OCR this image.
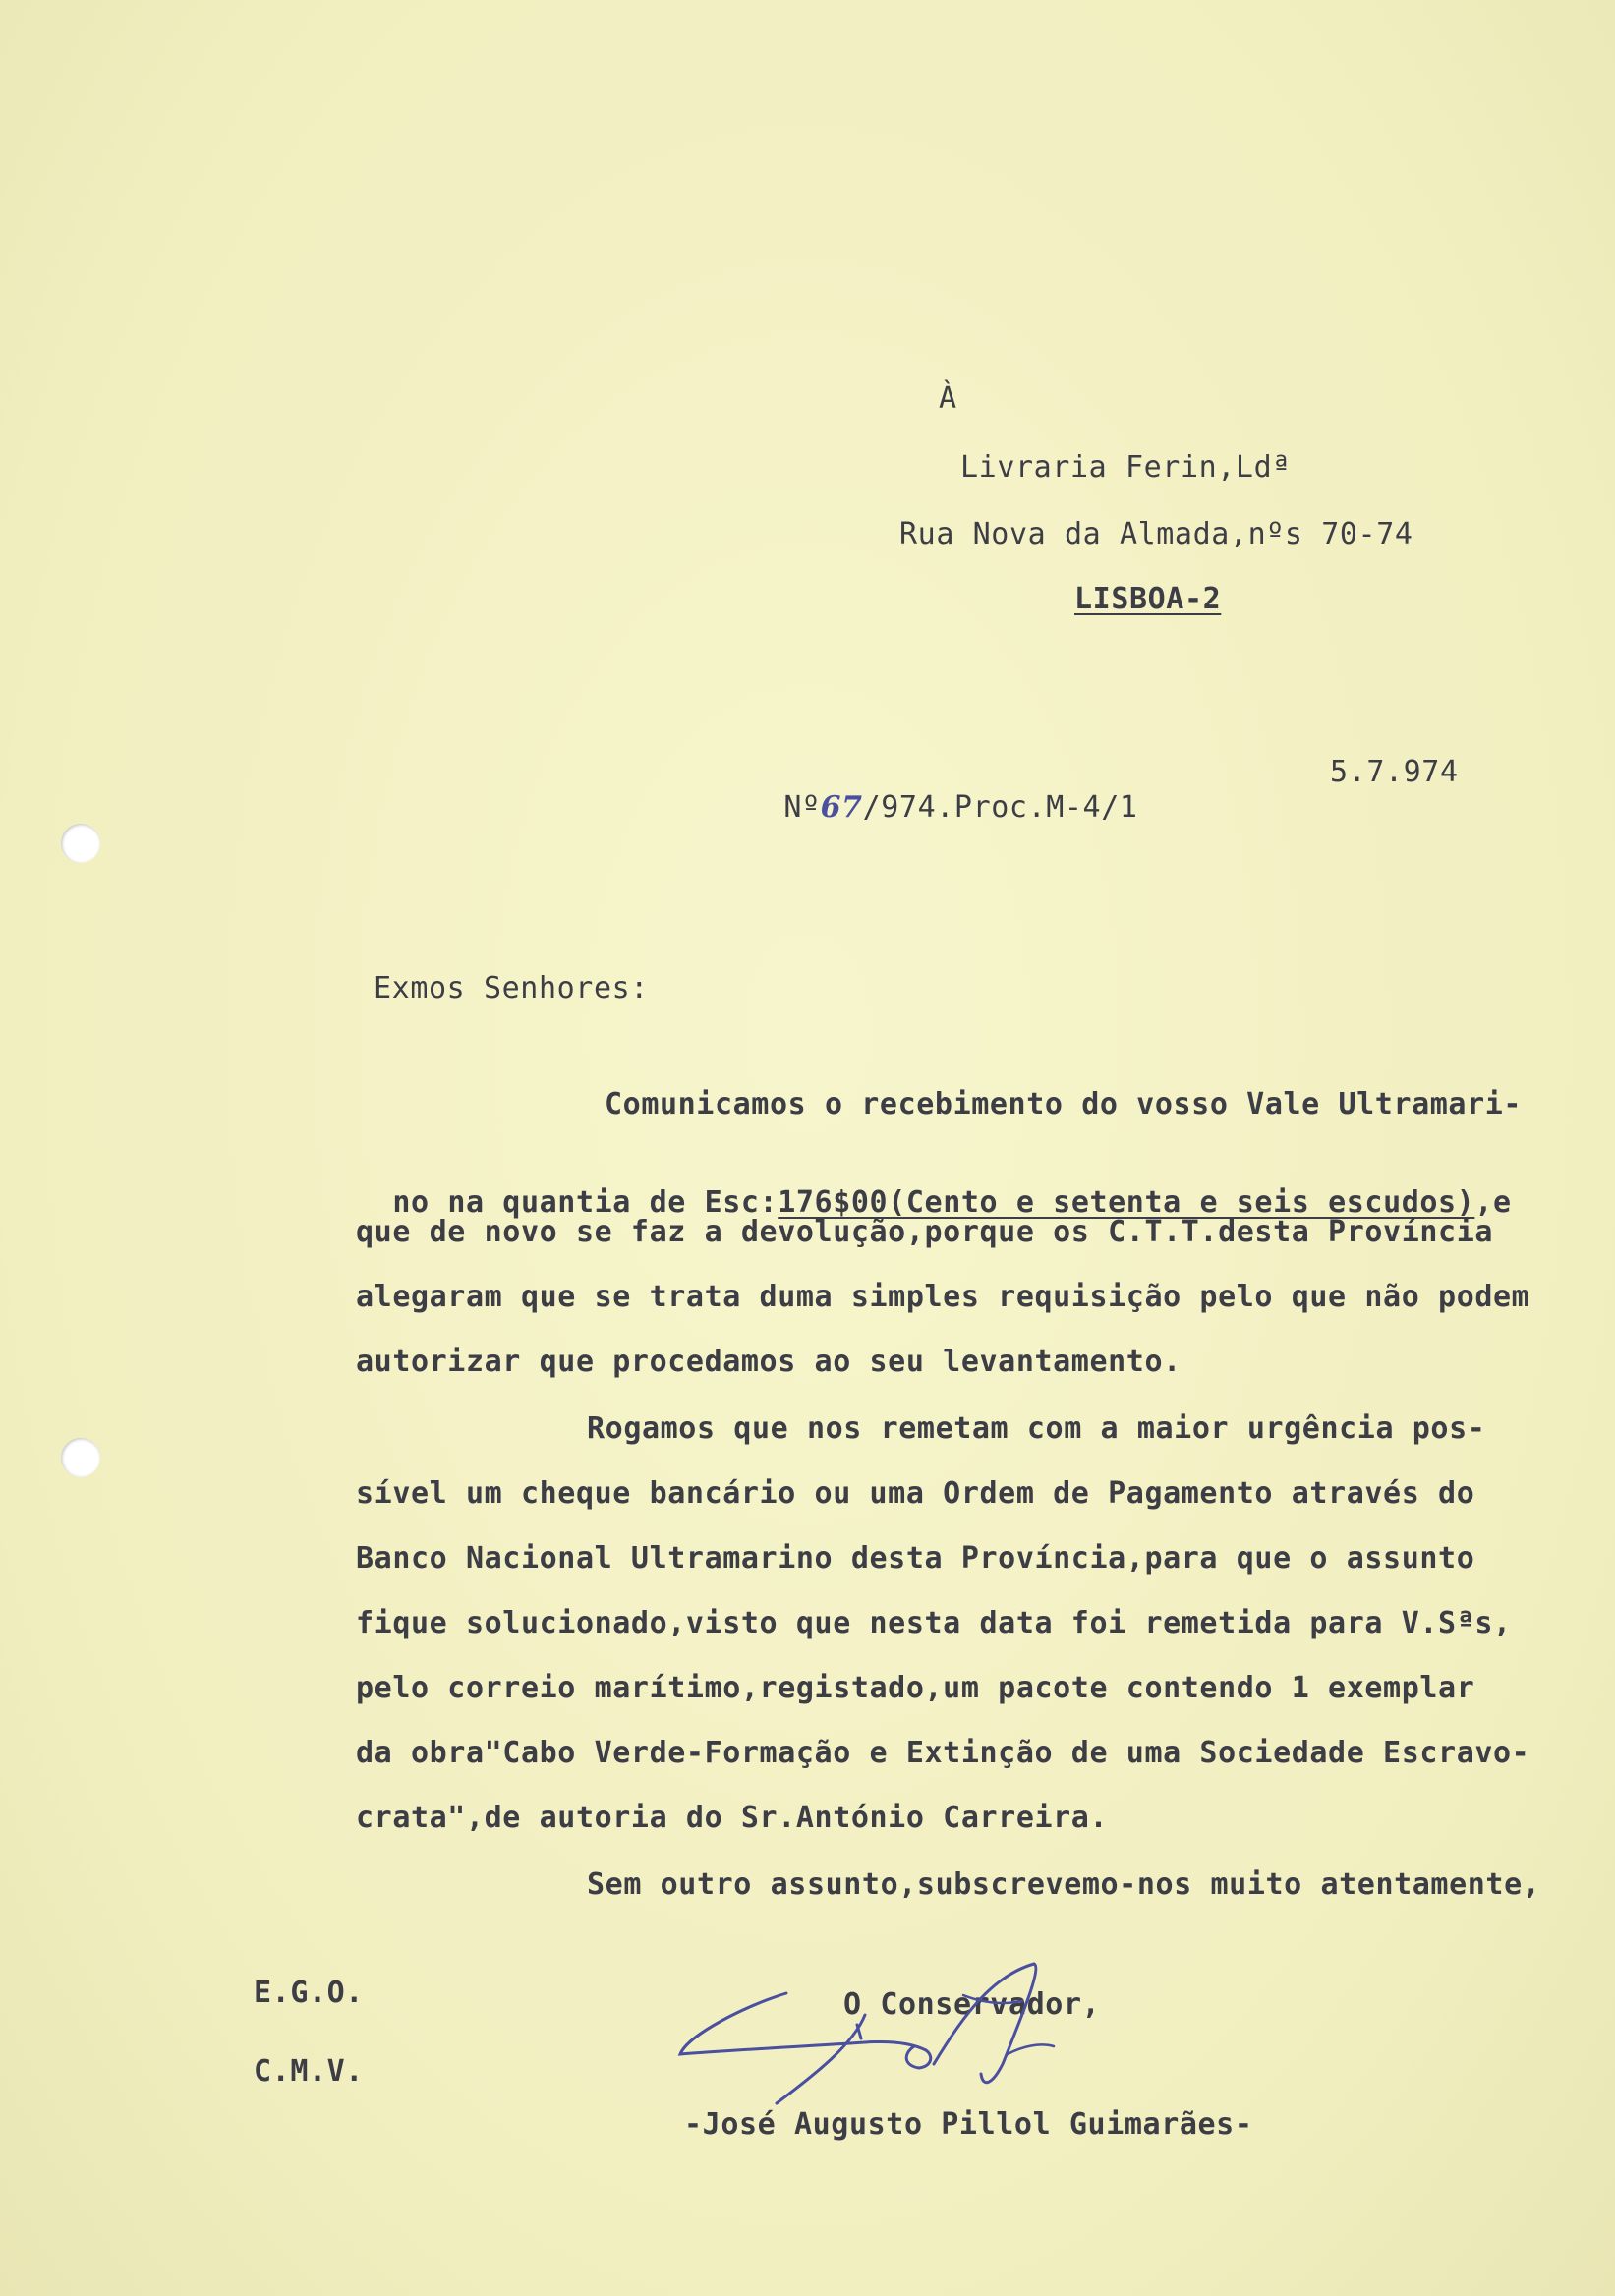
À
Livraria Ferin,Ldª
Rua Nova da Almada,nºs 70-74
LISBOA-2

Nº67/974.Proc.M-4/1

5.7.974
Exmos Senhores:
Comunicamos o recebimento do vosso Vale Ultramari-

no na quantia de Esc:176$00(Cento e setenta e seis escudos),e

que de novo se faz a devolução,porque os C.T.T.desta Província
alegaram que se trata duma simples requisição pelo que não podem
autorizar que procedamos ao seu levantamento.
Rogamos que nos remetam com a maior urgência pos-
sível um cheque bancário ou uma Ordem de Pagamento através do
Banco Nacional Ultramarino desta Província,para que o assunto
fique solucionado,visto que nesta data foi remetida para V.Sªs,
pelo correio marítimo,registado,um pacote contendo 1 exemplar
da obra"Cabo Verde-Formação e Extinção de uma Sociedade Escravo-
crata",de autoria do Sr.António Carreira.
Sem outro assunto,subscrevemo-nos muito atentamente,
E.G.O.
C.M.V.
O Conservador,
-José Augusto Pillol Guimarães-
